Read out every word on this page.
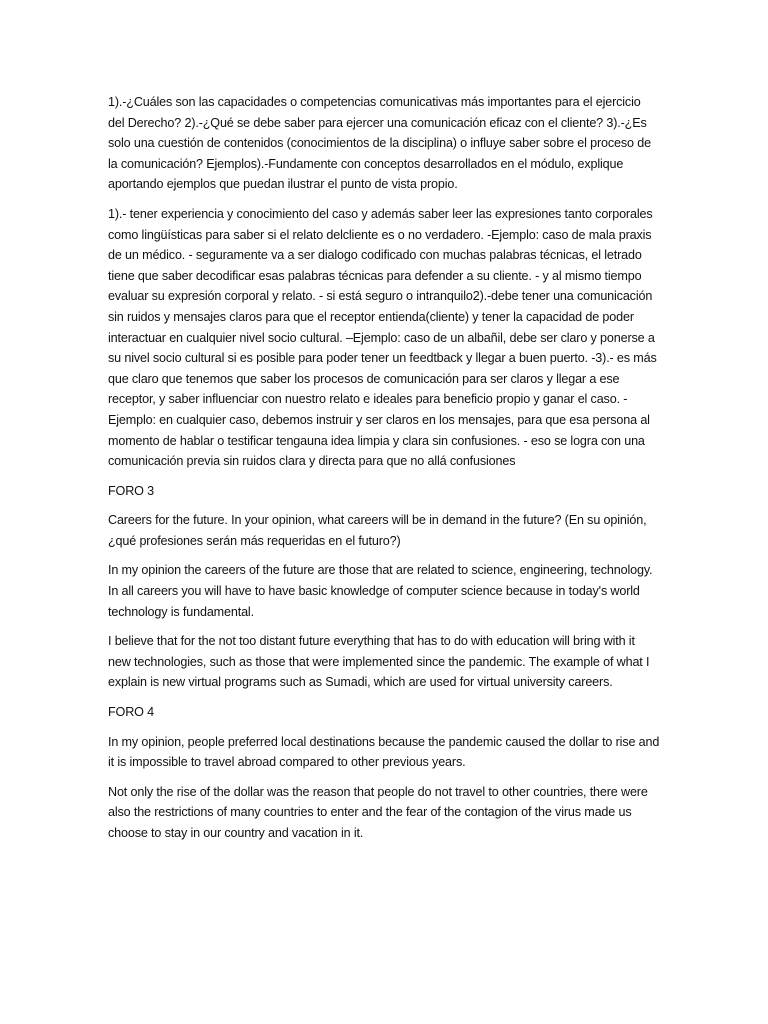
1).-¿Cuáles son las capacidades o competencias comunicativas más importantes para el ejercicio del Derecho? 2).-¿Qué se debe saber para ejercer una comunicación eficaz con el cliente? 3).-¿Es solo una cuestión de contenidos (conocimientos de la disciplina) o influye saber sobre el proceso de la comunicación? Ejemplos).-Fundamente con conceptos desarrollados en el módulo, explique aportando ejemplos que puedan ilustrar el punto de vista propio.

1).- tener experiencia y conocimiento del caso y además saber leer las expresiones tanto corporales como lingüísticas para saber si el relato delcliente es o no verdadero. -Ejemplo: caso de mala praxis de un médico. - seguramente va a ser dialogo codificado con muchas palabras técnicas, el letrado tiene que saber decodificar esas palabras técnicas para defender a su cliente. - y al mismo tiempo evaluar su expresión corporal y relato. - si está seguro o intranquilo2).-debe tener una comunicación sin ruidos y mensajes claros para que el receptor entienda(cliente) y tener la capacidad de poder interactuar en cualquier nivel socio cultural. –Ejemplo: caso de un albañil, debe ser claro y ponerse a su nivel socio cultural si es posible para poder tener un feedtback y llegar a buen puerto. -3).- es más que claro que tenemos que saber los procesos de comunicación para ser claros y llegar a ese receptor, y saber influenciar con nuestro relato e ideales para beneficio propio y ganar el caso. -Ejemplo: en cualquier caso, debemos instruir y ser claros en los mensajes, para que esa persona al momento de hablar o testificar tengauna idea limpia y clara sin confusiones. - eso se logra con una comunicación previa sin ruidos clara y directa para que no allá confusiones

FORO 3

Careers for the future. In your opinion, what careers will be in demand in the future? (En su opinión, ¿qué profesiones serán más requeridas en el futuro?)

In my opinion the careers of the future are those that are related to science, engineering, technology. In all careers you will have to have basic knowledge of computer science because in today's world technology is fundamental.

I believe that for the not too distant future everything that has to do with education will bring with it new technologies, such as those that were implemented since the pandemic. The example of what I explain is new virtual programs such as Sumadi, which are used for virtual university careers.

FORO 4

In my opinion, people preferred local destinations because the pandemic caused the dollar to rise and it is impossible to travel abroad compared to other previous years.

Not only the rise of the dollar was the reason that people do not travel to other countries, there were also the restrictions of many countries to enter and the fear of the contagion of the virus made us choose to stay in our country and vacation in it.
